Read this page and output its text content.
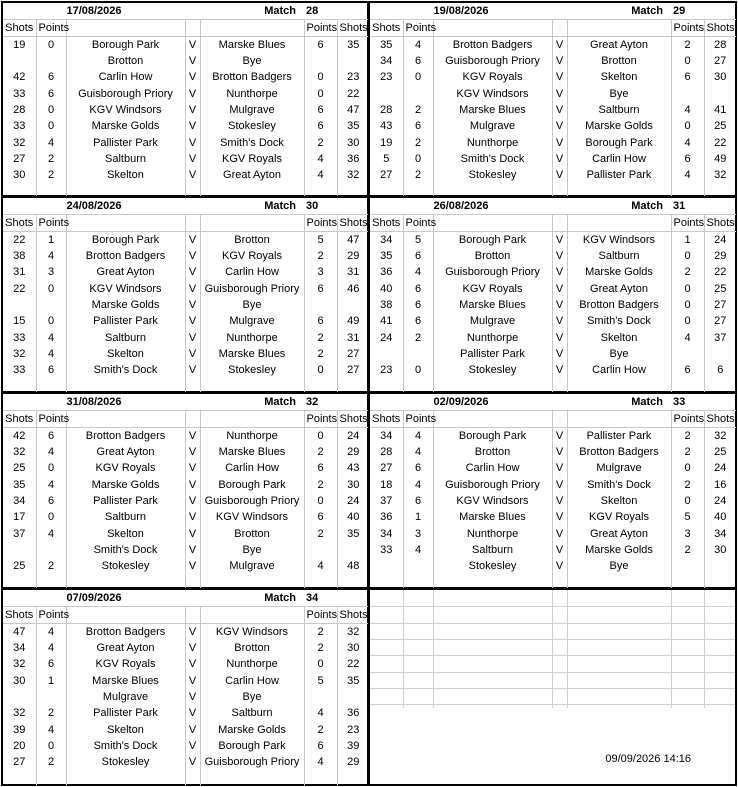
17/08/2026				Match	28	
Shots	Points				Points	Shots
19	0	Borough Park	V	Marske Blues	6	35
		Brotton	V	Bye		
42	6	Carlin How	V	Brotton Badgers	0	23
33	6	Guisborough Priory	V	Nunthorpe	0	22
28	0	KGV Windsors	V	Mulgrave	6	47
33	0	Marske Golds	V	Stokesley	6	35
32	4	Pallister Park	V	Smith's Dock	2	30
27	2	Saltburn	V	KGV Royals	4	36
30	2	Skelton	V	Great Ayton	4	32

19/08/2026				Match	29	
Shots	Points				Points	Shots
35	4	Brotton Badgers	V	Great Ayton	2	28
34	6	Guisborough Priory	V	Brotton	0	27
23	0	KGV Royals	V	Skelton	6	30
		KGV Windsors	V	Bye		
28	2	Marske Blues	V	Saltburn	4	41
43	6	Mulgrave	V	Marske Golds	0	25
19	2	Nunthorpe	V	Borough Park	4	22
5	0	Smith's Dock	V	Carlin How	6	49
27	2	Stokesley	V	Pallister Park	4	32

24/08/2026				Match	30	
Shots	Points				Points	Shots
22	1	Borough Park	V	Brotton	5	47
38	4	Brotton Badgers	V	KGV Royals	2	29
31	3	Great Ayton	V	Carlin How	3	31
22	0	KGV Windsors	V	Guisborough Priory	6	46
		Marske Golds	V	Bye		
15	0	Pallister Park	V	Mulgrave	6	49
33	4	Saltburn	V	Nunthorpe	2	31
32	4	Skelton	V	Marske Blues	2	27
33	6	Smith's Dock	V	Stokesley	0	27

26/08/2026				Match	31	
Shots	Points				Points	Shots
34	5	Borough Park	V	KGV Windsors	1	24
35	6	Brotton	V	Saltburn	0	29
36	4	Guisborough Priory	V	Marske Golds	2	22
40	6	KGV Royals	V	Great Ayton	0	25
38	6	Marske Blues	V	Brotton Badgers	0	27
41	6	Mulgrave	V	Smith's Dock	0	27
24	2	Nunthorpe	V	Skelton	4	37
		Pallister Park	V	Bye		
23	0	Stokesley	V	Carlin How	6	6

31/08/2026				Match	32	
Shots	Points				Points	Shots
42	6	Brotton Badgers	V	Nunthorpe	0	24
32	4	Great Ayton	V	Marske Blues	2	29
25	0	KGV Royals	V	Carlin How	6	43
35	4	Marske Golds	V	Borough Park	2	30
34	6	Pallister Park	V	Guisborough Priory	0	24
17	0	Saltburn	V	KGV Windsors	6	40
37	4	Skelton	V	Brotton	2	35
		Smith's Dock	V	Bye		
25	2	Stokesley	V	Mulgrave	4	48

02/09/2026				Match	33	
Shots	Points				Points	Shots
34	4	Borough Park	V	Pallister Park	2	32
28	4	Brotton	V	Brotton Badgers	2	25
27	6	Carlin How	V	Mulgrave	0	24
18	4	Guisborough Priory	V	Smith's Dock	2	16
37	6	KGV Windsors	V	Skelton	0	24
36	1	Marske Blues	V	KGV Royals	5	40
34	3	Nunthorpe	V	Great Ayton	3	34
33	4	Saltburn	V	Marske Golds	2	30
		Stokesley	V	Bye		

07/09/2026				Match	34	
Shots	Points				Points	Shots
47	4	Brotton Badgers	V	KGV Windsors	2	32
34	4	Great Ayton	V	Brotton	2	30
32	6	KGV Royals	V	Nunthorpe	0	22
30	1	Marske Blues	V	Carlin How	5	35
		Mulgrave	V	Bye		
32	2	Pallister Park	V	Saltburn	4	36
39	4	Skelton	V	Marske Golds	2	23
20	0	Smith's Dock	V	Borough Park	6	39
27	2	Stokesley	V	Guisborough Priory	4	29
							09/09/2026 14:16
